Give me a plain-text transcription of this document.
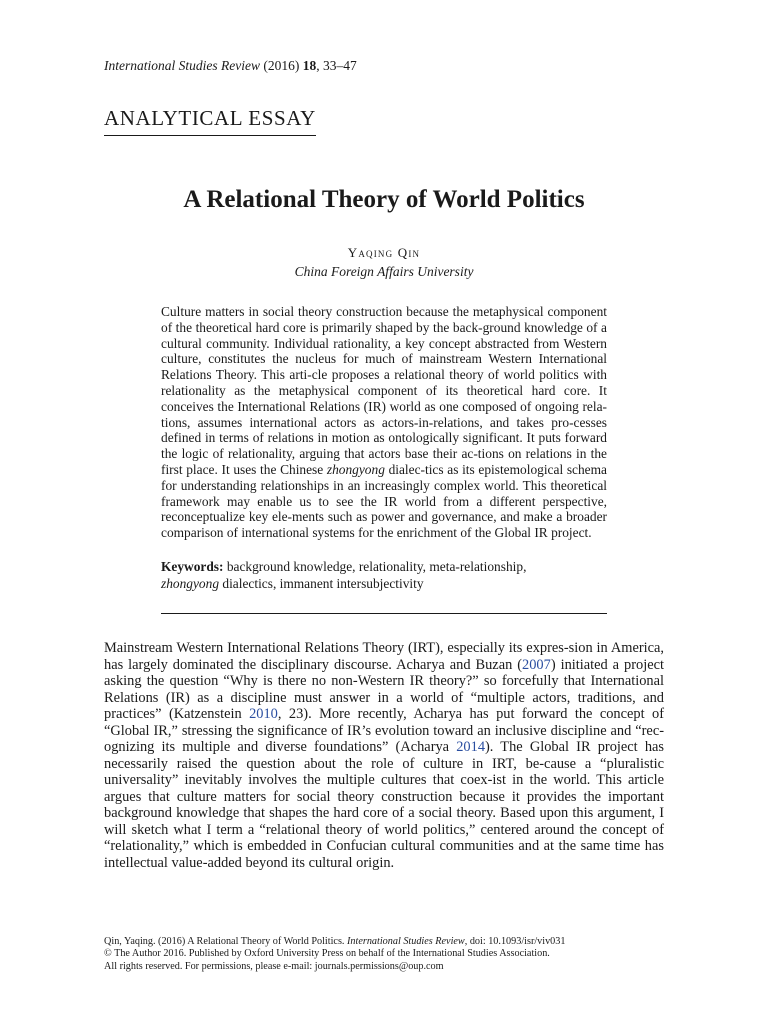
International Studies Review (2016) 18, 33–47
ANALYTICAL ESSAY
A Relational Theory of World Politics
Yaqing Qin
China Foreign Affairs University
Culture matters in social theory construction because the metaphysical component of the theoretical hard core is primarily shaped by the back-ground knowledge of a cultural community. Individual rationality, a key concept abstracted from Western culture, constitutes the nucleus for much of mainstream Western International Relations Theory. This arti-cle proposes a relational theory of world politics with relationality as the metaphysical component of its theoretical hard core. It conceives the International Relations (IR) world as one composed of ongoing rela-tions, assumes international actors as actors-in-relations, and takes pro-cesses defined in terms of relations in motion as ontologically significant. It puts forward the logic of relationality, arguing that actors base their ac-tions on relations in the first place. It uses the Chinese zhongyong dialec-tics as its epistemological schema for understanding relationships in an increasingly complex world. This theoretical framework may enable us to see the IR world from a different perspective, reconceptualize key ele-ments such as power and governance, and make a broader comparison of international systems for the enrichment of the Global IR project.
Keywords: background knowledge, relationality, meta-relationship,
zhongyong dialectics, immanent intersubjectivity
Mainstream Western International Relations Theory (IRT), especially its expres-sion in America, has largely dominated the disciplinary discourse. Acharya and Buzan (2007) initiated a project asking the question “Why is there no non-Western IR theory?” so forcefully that International Relations (IR) as a discipline must answer in a world of “multiple actors, traditions, and practices” (Katzenstein 2010, 23). More recently, Acharya has put forward the concept of “Global IR,” stressing the significance of IR’s evolution toward an inclusive discipline and “rec-ognizing its multiple and diverse foundations” (Acharya 2014). The Global IR project has necessarily raised the question about the role of culture in IRT, be-cause a “pluralistic universality” inevitably involves the multiple cultures that coex-ist in the world. This article argues that culture matters for social theory construction because it provides the important background knowledge that shapes the hard core of a social theory. Based upon this argument, I will sketch what I term a “relational theory of world politics,” centered around the concept of “relationality,” which is embedded in Confucian cultural communities and at the same time has intellectual value-added beyond its cultural origin.
Qin, Yaqing. (2016) A Relational Theory of World Politics. International Studies Review, doi: 10.1093/isr/viv031
© The Author 2016. Published by Oxford University Press on behalf of the International Studies Association.
All rights reserved. For permissions, please e-mail: journals.permissions@oup.com
